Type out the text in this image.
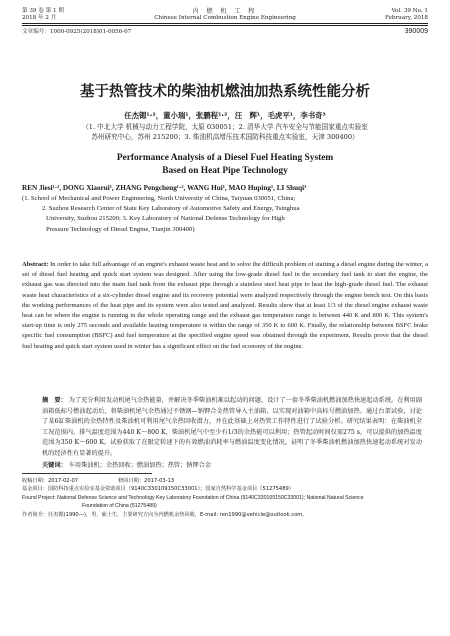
第 39 卷 第 1 期
2018 年 2 月
内 燃 机 工 程
Chinese Internal Combustion Engine Engineering
Vol. 39 No. 1
February, 2018
文章编号：1000-0925(2018)01-0056-07	390009
基于热管技术的柴油机燃油加热系统性能分析
任杰锶¹·²，董小瑞¹，张鹏程¹·²，汪　辉¹，毛虎平¹，李书奇³
（1. 中北大学 机械与动力工程学院，太原 030051；2. 清华大学 汽车安全与节能国家重点实验室
苏州研究中心，苏州 215200；3. 柴油机高增压技术国防科技重点实验室，天津 300400）
Performance Analysis of a Diesel Fuel Heating System
Based on Heat Pipe Technology
REN Jiesi¹·², DONG Xiaorui¹, ZHANG Pengcheng¹·², WANG Hui¹, MAO Huping¹, LI Shuqi³
(1. School of Mechanical and Power Engineering, North University of China, Taiyuan 030051, China;
2. Suzhou Research Center of State Key Laboratory of Automotive Safety and Energy, Tsinghua
University, Suzhou 215200; 3. Key Laboratory of National Defense Technology for High
Pressure Technology of Diesel Engine, Tianjin 300400)
Abstract: In order to take full advantage of an engine's exhaust waste heat and to solve the difficult problem of starting a diesel engine during the winter, a set of diesel fuel heating and quick start system was designed. After using the low-grade diesel fuel in the secondary fuel tank to start the engine, the exhaust gas was directed into the main fuel tank from the exhaust pipe through a stainless steel heat pipe to heat the high-grade diesel fuel. The exhaust waste heat characteristics of a six-cylinder diesel engine and its recovery potential were analyzed respectively through the engine bench test. On this basis the working performances of the heat pipe and its system were also tested and analyzed. Results show that at least 1/3 of the diesel engine exhaust waste heat can be where the engine is running in the whole operating range and the exhaust gas temperature range is between 440 K and 800 K. This system's start-up time is only 275 seconds and available heating temperature is within the range of 350 K to 600 K. Finally, the relationship between BSFC brake specific fuel consumption (BSFC) and fuel temperature at the specified engine speed was obtained through the experiment. Results prove that the diesel fuel heating and quick start system used in winter has a significant effect on the fuel economy of the engine.
摘　要： 为了充分利用发动机尾气余热能量，并解决冬季柴油机难以起动的问题，设计了一套冬季柴油机燃油加热快速起动系统。在利用副油箱低标号燃油起动后，将柴油机尾气余热通过不锈钢—钠钾合金热管导入主油箱，以实现对油箱中高标号燃油加热。通过台架试验，讨论了某6缸柴油机的余热特性及柴油机可利用尾气余热回收潜力，并在此基础上对热管工作特性进行了试验分析。研究结果表明：在柴油机全工况范围内，排气温度范围为440 K～800 K，柴油机尾气中至少有1/3的余热能可以利用；热管起动时间仅需275 s，可以提供的加热温度范围为350 K～600 K。试验获取了在限定转速下的有效燃油消耗率与燃油温度变化情况，证明了冬季柴油机燃油加热快速起动系统对发动机的经济性有显著的提升。
关键词： 车用柴油机；余热回收；燃油加热；热管；钠钾合金
收稿日期：2017-02-07	修回日期：2017-03-13
基金项目：国防科技重点实验室基金资助项目（9140C330109150C33001）；国家自然科学基金项目（51275489）
Found Project: National Defense Science and Technology Key Laboratory Foundation of China (9140C330109150C33001); National Natural Science
Foundation of China (51275489)
作者简介：任杰锶(1990—)，男，硕士生，主要研究方向为内燃机余热回收，E-mail: ren1990@vehicle@outlook.com。
